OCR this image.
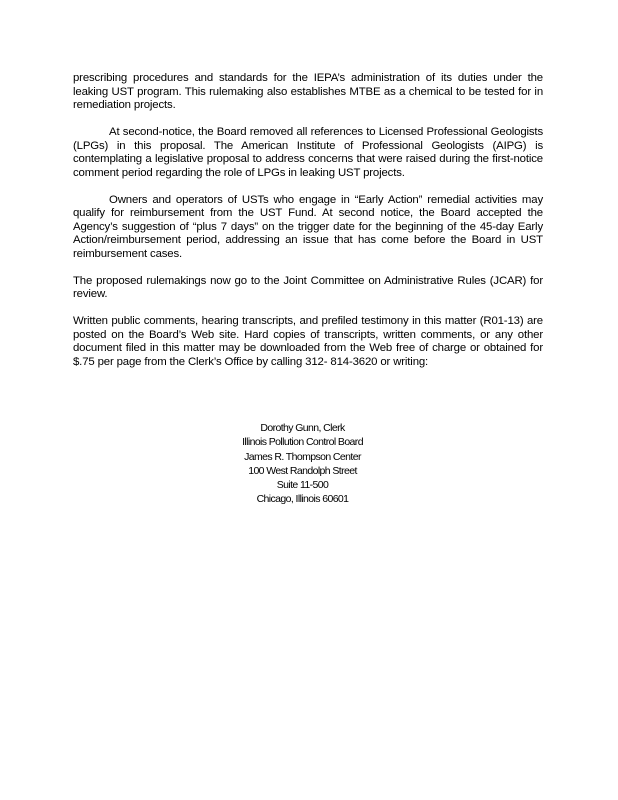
prescribing procedures and standards for the IEPA’s administration of its duties under the leaking UST program. This rulemaking also establishes MTBE as a chemical to be tested for in remediation projects.

At second-notice, the Board removed all references to Licensed Professional Geologists (LPGs) in this proposal. The American Institute of Professional Geologists (AIPG) is contemplating a legislative proposal to address concerns that were raised during the first-notice comment period regarding the role of LPGs in leaking UST projects.

Owners and operators of USTs who engage in “Early Action” remedial activities may qualify for reimbursement from the UST Fund. At second notice, the Board accepted the Agency’s suggestion of “plus 7 days” on the trigger date for the beginning of the 45-day Early Action/reimbursement period, addressing an issue that has come before the Board in UST reimbursement cases.

The proposed rulemakings now go to the Joint Committee on Administrative Rules (JCAR) for review.

Written public comments, hearing transcripts, and prefiled testimony in this matter (R01-13) are posted on the Board’s Web site. Hard copies of transcripts, written comments, or any other document filed in this matter may be downloaded from the Web free of charge or obtained for $.75 per page from the Clerk’s Office by calling 312- 814-3620 or writing:

Dorothy Gunn, Clerk
Illinois Pollution Control Board
James R. Thompson Center
100 West Randolph Street
Suite 11-500
Chicago, Illinois 60601
